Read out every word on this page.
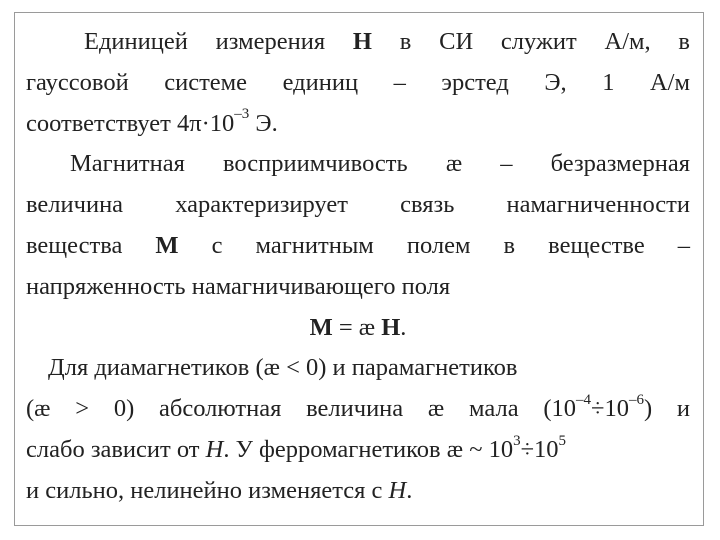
Единицей измерения H в СИ служит А/м, в
гауссовой системе единиц – эрстед Э, 1 А/м
соответствует $4\pi\cdot 10^{-3}$ Э.
Магнитная восприимчивость æ – безразмерная
величина характеризирует связь намагниченности
вещества M с магнитным полем в веществе –
напряженность намагничивающего поля
M = æ H.
Для диамагнетиков (æ < 0) и парамагнетиков
(æ > 0) абсолютная величина æ мала $(10^{-4}\div 10^{-6})$ и
слабо зависит от H. У ферромагнетиков æ ~ $10^3\div 10^5$
и сильно, нелинейно изменяется с H.
